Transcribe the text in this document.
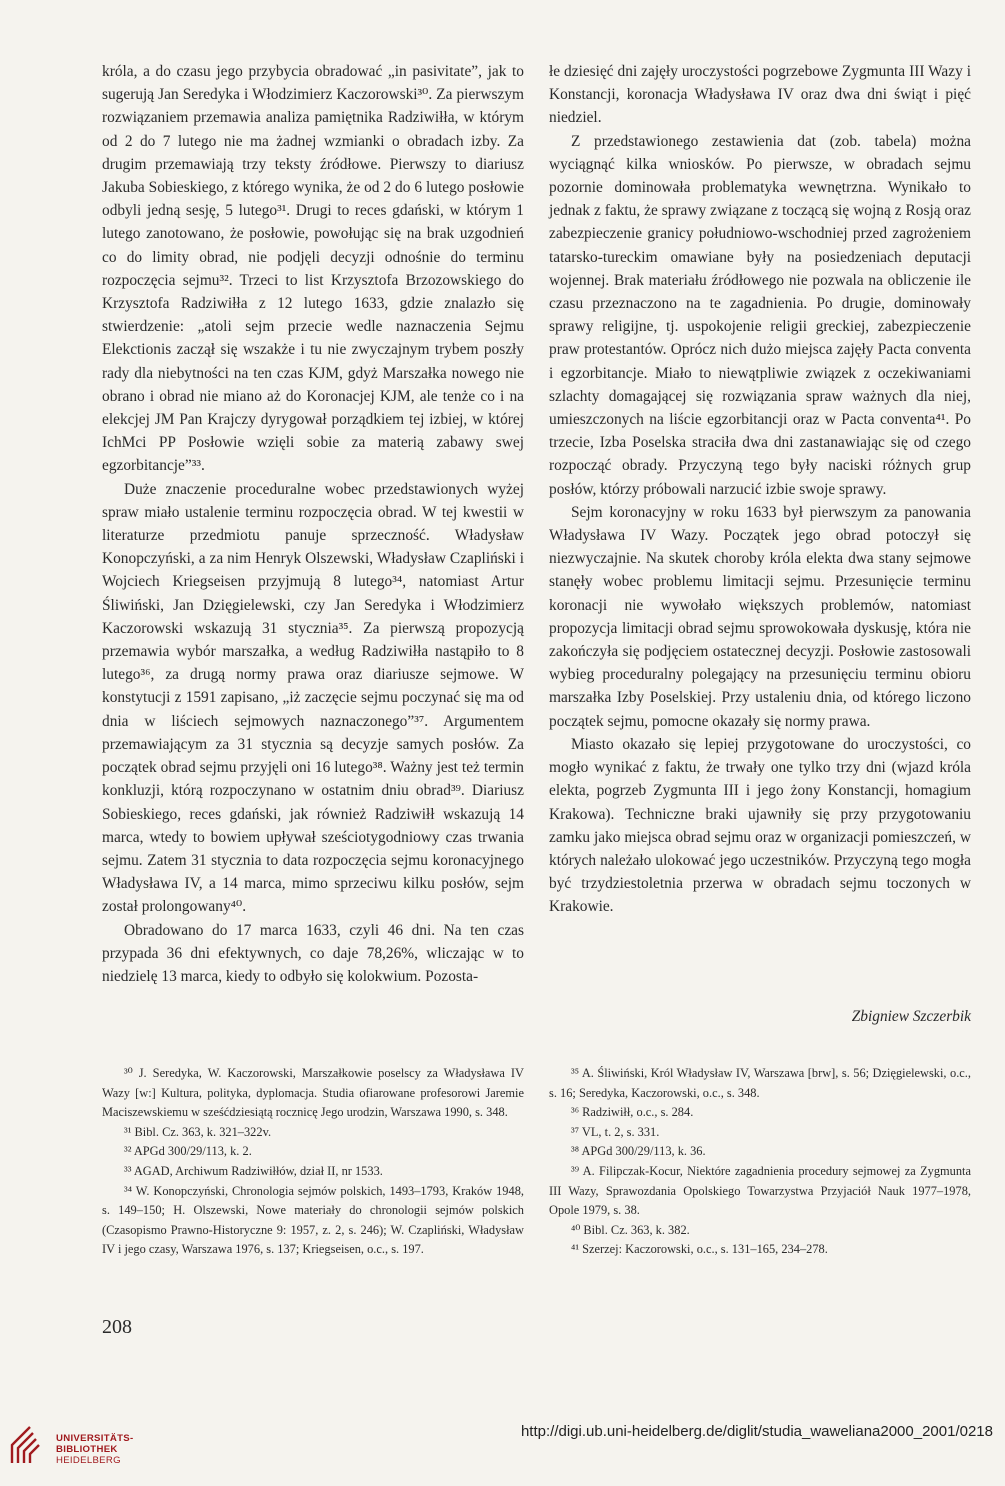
króla, a do czasu jego przybycia obradować „in pasivitate”, jak to sugerują Jan Seredyka i Włodzimierz Kaczorowski³⁰. Za pierwszym rozwiązaniem przemawia analiza pamiętnika Radziwiłła, w którym od 2 do 7 lutego nie ma żadnej wzmianki o obradach izby. Za drugim przemawiają trzy teksty źródłowe. Pierwszy to diariusz Jakuba Sobieskiego, z którego wynika, że od 2 do 6 lutego posłowie odbyli jedną sesję, 5 lutego³¹. Drugi to reces gdański, w którym 1 lutego zanotowano, że posłowie, powołując się na brak uzgodnień co do limity obrad, nie podjęli decyzji odnośnie do terminu rozpoczęcia sejmu³². Trzeci to list Krzysztofa Brzozowskiego do Krzysztofa Radziwiłła z 12 lutego 1633, gdzie znalazło się stwierdzenie: „atoli sejm przecie wedle naznaczenia Sejmu Elekctionis zaczął się wszakże i tu nie zwyczajnym trybem poszły rady dla niebytności na ten czas KJM, gdyż Marszałka nowego nie obrano i obrad nie miano aż do Koronacjej KJM, ale tenże co i na elekcjej JM Pan Krajczy dyrygował porządkiem tej izbiej, w której IchMci PP Posłowie wzięli sobie za materią zabawy swej egzorbitancje”³³.

Duże znaczenie proceduralne wobec przedstawionych wyżej spraw miało ustalenie terminu rozpoczęcia obrad. W tej kwestii w literaturze przedmiotu panuje sprzeczność. Władysław Konopczyński, a za nim Henryk Olszewski, Władysław Czapliński i Wojciech Kriegseisen przyjmują 8 lutego³⁴, natomiast Artur Śliwiński, Jan Dzięgielewski, czy Jan Seredyka i Włodzimierz Kaczorowski wskazują 31 stycznia³⁵. Za pierwszą propozycją przemawia wybór marszałka, a według Radziwiłła nastąpiło to 8 lutego³⁶, za drugą normy prawa oraz diariusze sejmowe. W konstytucji z 1591 zapisano, „iż zaczęcie sejmu poczynać się ma od dnia w liściech sejmowych naznaczonego”³⁷. Argumentem przemawiającym za 31 stycznia są decyzje samych posłów. Za początek obrad sejmu przyjęli oni 16 lutego³⁸. Ważny jest też termin konkluzji, którą rozpoczynano w ostatnim dniu obrad³⁹. Diariusz Sobieskiego, reces gdański, jak również Radziwiłł wskazują 14 marca, wtedy to bowiem upływał sześciotygodniowy czas trwania sejmu. Zatem 31 stycznia to data rozpoczęcia sejmu koronacyjnego Władysława IV, a 14 marca, mimo sprzeciwu kilku posłów, sejm został prolongowany⁴⁰.

Obradowano do 17 marca 1633, czyli 46 dni. Na ten czas przypada 36 dni efektywnych, co daje 78,26%, wliczając w to niedzielę 13 marca, kiedy to odbyło się kolokwium. Pozosta-

łe dziesięć dni zajęły uroczystości pogrzebowe Zygmunta III Wazy i Konstancji, koronacja Władysława IV oraz dwa dni świąt i pięć niedziel.

Z przedstawionego zestawienia dat (zob. tabela) można wyciągnąć kilka wniosków. Po pierwsze, w obradach sejmu pozornie dominowała problematyka wewnętrzna. Wynikało to jednak z faktu, że sprawy związane z toczącą się wojną z Rosją oraz zabezpieczenie granicy południowo-wschodniej przed zagrożeniem tatarsko-tureckim omawiane były na posiedzeniach deputacji wojennej. Brak materiału źródłowego nie pozwala na obliczenie ile czasu przeznaczono na te zagadnienia. Po drugie, dominowały sprawy religijne, tj. uspokojenie religii greckiej, zabezpieczenie praw protestantów. Oprócz nich dużo miejsca zajęły Pacta conventa i egzorbitancje. Miało to niewątpliwie związek z oczekiwaniami szlachty domagającej się rozwiązania spraw ważnych dla niej, umieszczonych na liście egzorbitancji oraz w Pacta conventa⁴¹. Po trzecie, Izba Poselska straciła dwa dni zastanawiając się od czego rozpocząć obrady. Przyczyną tego były naciski różnych grup posłów, którzy próbowali narzucić izbie swoje sprawy.

Sejm koronacyjny w roku 1633 był pierwszym za panowania Władysława IV Wazy. Początek jego obrad potoczył się niezwyczajnie. Na skutek choroby króla elekta dwa stany sejmowe stanęły wobec problemu limitacji sejmu. Przesunięcie terminu koronacji nie wywołało większych problemów, natomiast propozycja limitacji obrad sejmu sprowokowała dyskusję, która nie zakończyła się podjęciem ostatecznej decyzji. Posłowie zastosowali wybieg proceduralny polegający na przesunięciu terminu obioru marszałka Izby Poselskiej. Przy ustaleniu dnia, od którego liczono początek sejmu, pomocne okazały się normy prawa.

Miasto okazało się lepiej przygotowane do uroczystości, co mogło wynikać z faktu, że trwały one tylko trzy dni (wjazd króla elekta, pogrzeb Zygmunta III i jego żony Konstancji, homagium Krakowa). Techniczne braki ujawniły się przy przygotowaniu zamku jako miejsca obrad sejmu oraz w organizacji pomieszczeń, w których należało ulokować jego uczestników. Przyczyną tego mogła być trzydziestoletnia przerwa w obradach sejmu toczonych w Krakowie.

Zbigniew Szczerbik

³⁰ J. Seredyka, W. Kaczorowski, Marszałkowie poselscy za Władysława IV Wazy [w:] Kultura, polityka, dyplomacja. Studia ofiarowane profesorowi Jaremie Maciszewskiemu w sześćdziesiątą rocznicę Jego urodzin, Warszawa 1990, s. 348.

³¹ Bibl. Cz. 363, k. 321–322v.

³² APGd 300/29/113, k. 2.

³³ AGAD, Archiwum Radziwiłłów, dział II, nr 1533.

³⁴ W. Konopczyński, Chronologia sejmów polskich, 1493–1793, Kraków 1948, s. 149–150; H. Olszewski, Nowe materiały do chronologii sejmów polskich (Czasopismo Prawno-Historyczne 9: 1957, z. 2, s. 246); W. Czapliński, Władysław IV i jego czasy, Warszawa 1976, s. 137; Kriegseisen, o.c., s. 197.

³⁵ A. Śliwiński, Król Władysław IV, Warszawa [brw], s. 56; Dzięgielewski, o.c., s. 16; Seredyka, Kaczorowski, o.c., s. 348.

³⁶ Radziwiłł, o.c., s. 284.

³⁷ VL, t. 2, s. 331.

³⁸ APGd 300/29/113, k. 36.

³⁹ A. Filipczak-Kocur, Niektóre zagadnienia procedury sejmowej za Zygmunta III Wazy, Sprawozdania Opolskiego Towarzystwa Przyjaciół Nauk 1977–1978, Opole 1979, s. 38.

⁴⁰ Bibl. Cz. 363, k. 382.

⁴¹ Szerzej: Kaczorowski, o.c., s. 131–165, 234–278.

208
UNIVERSITÄTS-
BIBLIOTHEK
HEIDELBERG
http://digi.ub.uni-heidelberg.de/diglit/studia_waweliana2000_2001/0218
